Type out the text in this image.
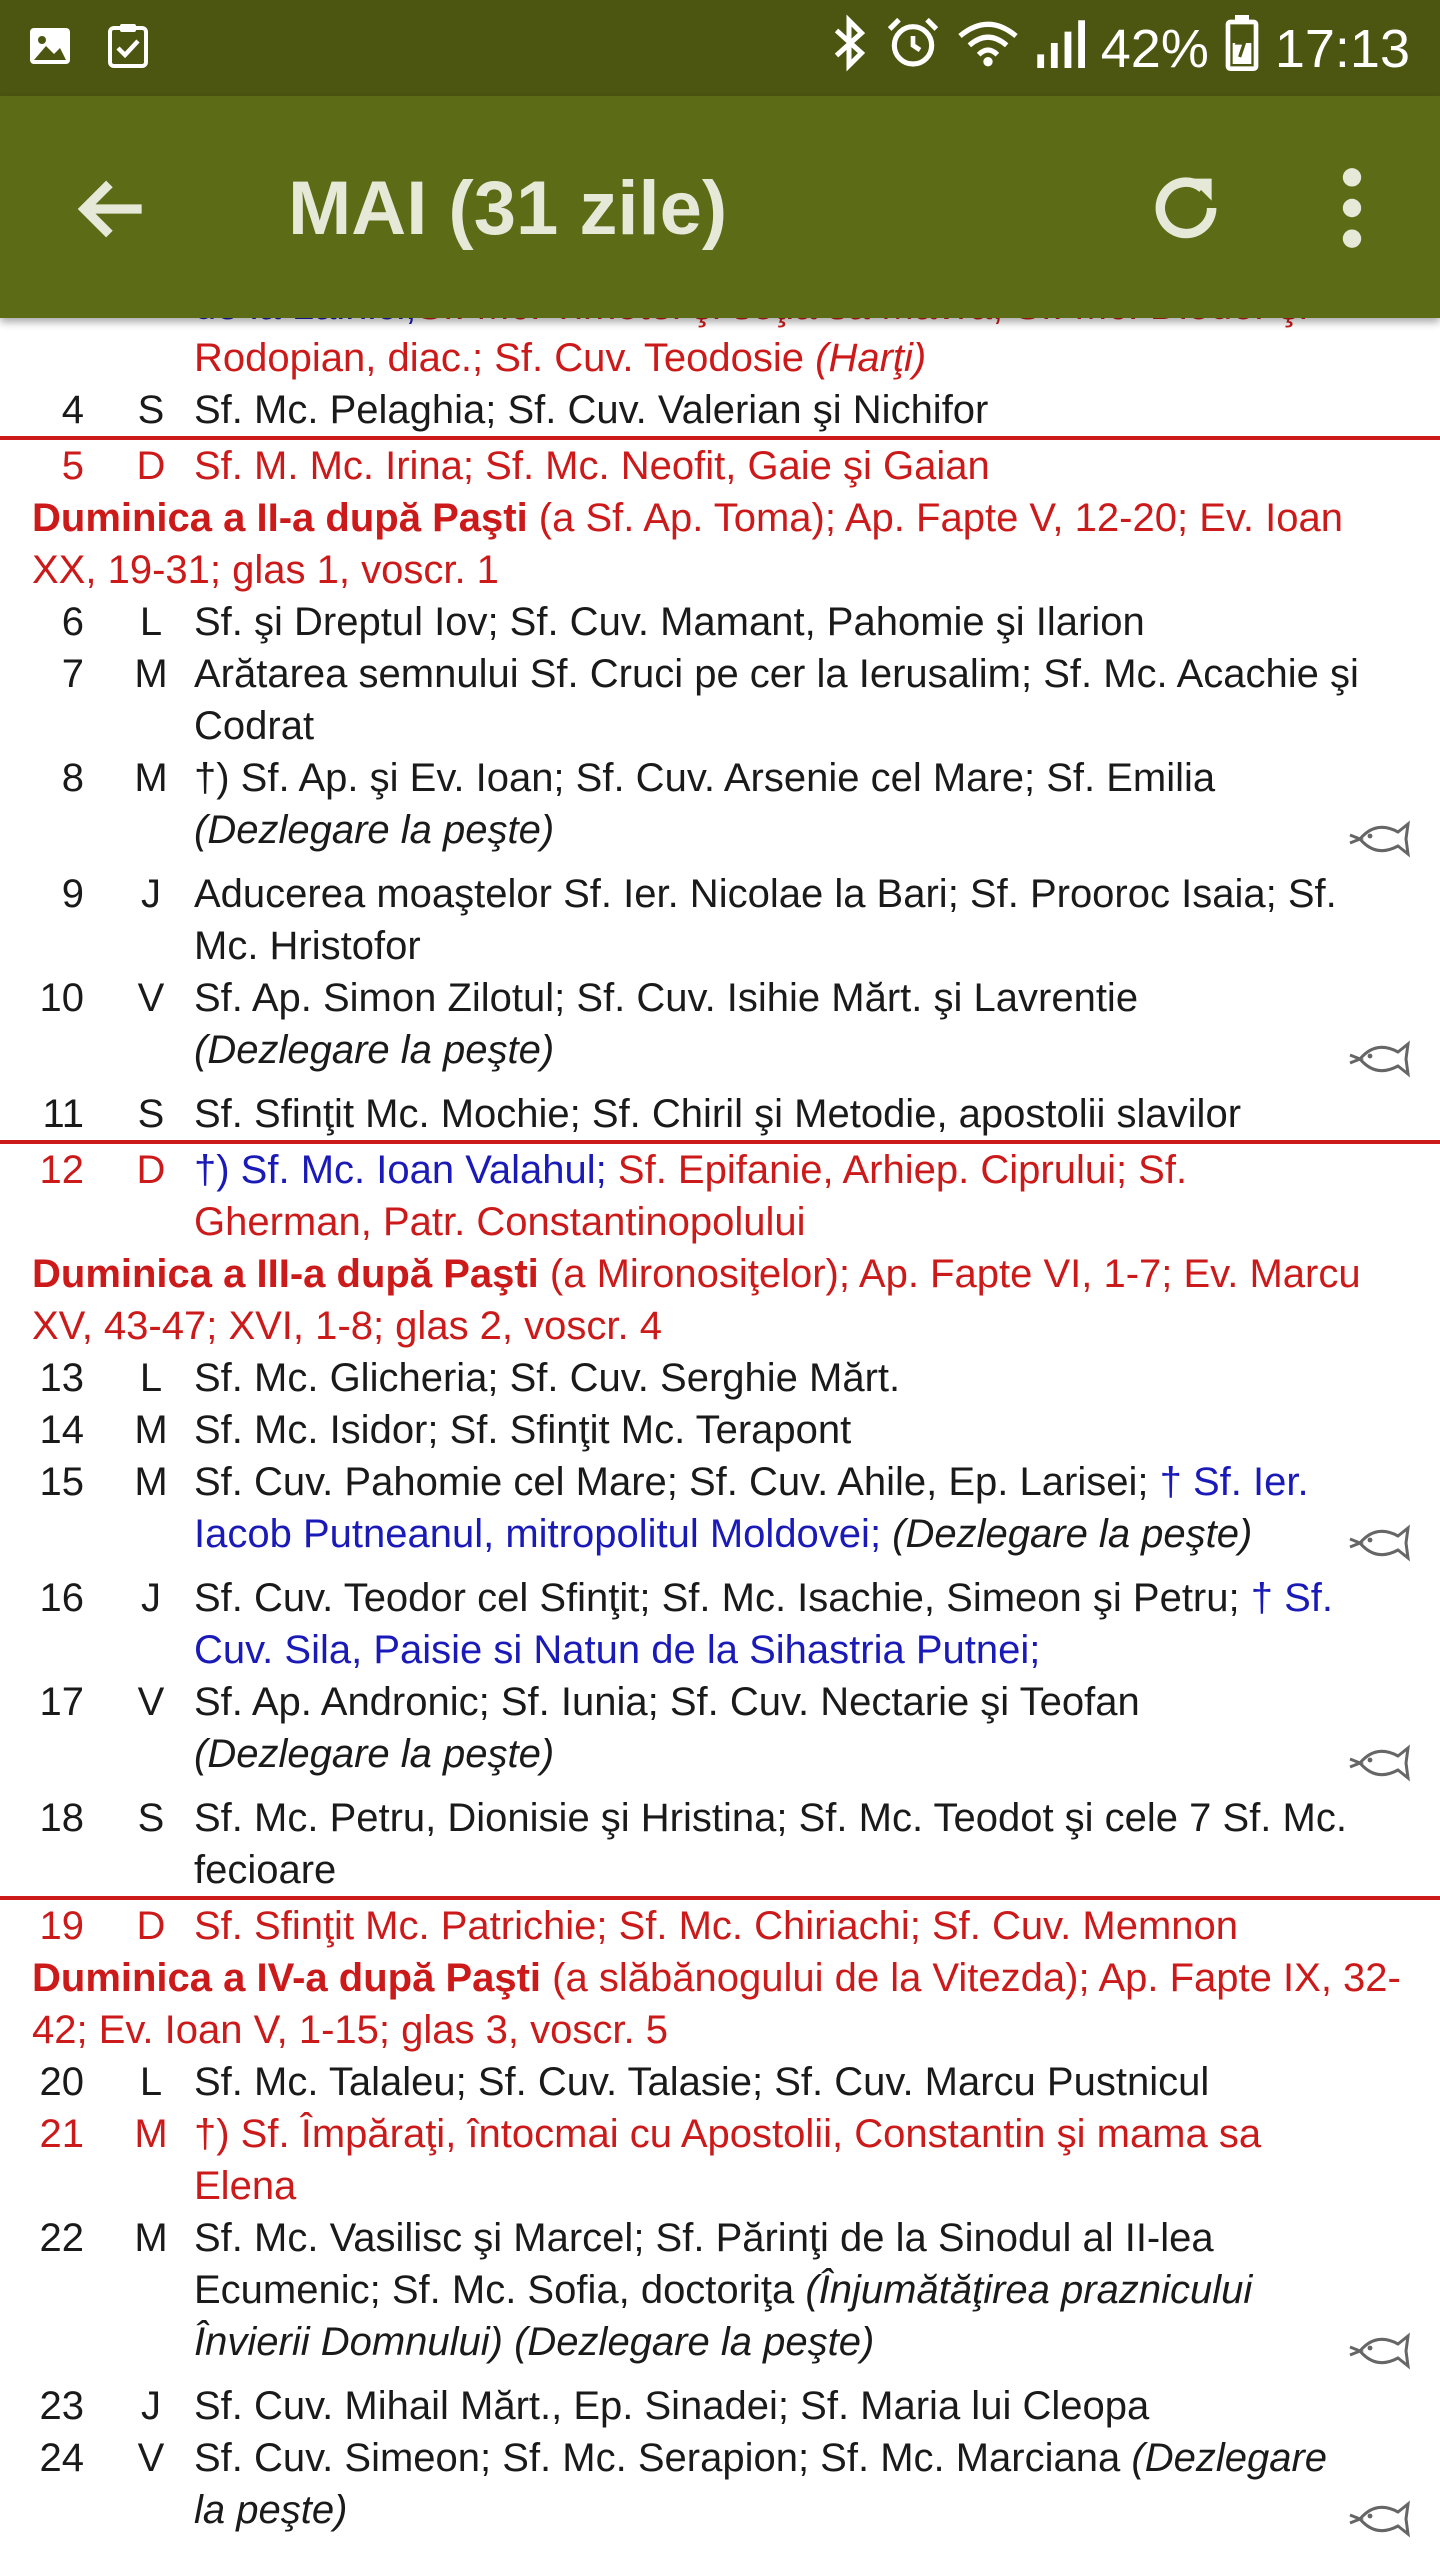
42% 17:13
MAI (31 zile)

Rodopian, diac.; Sf. Cuv. Teodosie (Harţi)
4	S Sf. Mc. Pelaghia; Sf. Cuv. Valerian şi Nichifor
5	D Sf. M. Mc. Irina; Sf. Mc. Neofit, Gaie şi Gaian
Duminica a II-a după Paşti (a Sf. Ap. Toma); Ap. Fapte V, 12-20; Ev. Ioan XX, 19-31; glas 1, voscr. 1
6	L Sf. şi Dreptul Iov; Sf. Cuv. Mamant, Pahomie şi Ilarion
7	M Arătarea semnului Sf. Cruci pe cer la Ierusalim; Sf. Mc. Acachie şi Codrat
8	M †) Sf. Ap. şi Ev. Ioan; Sf. Cuv. Arsenie cel Mare; Sf. Emilia
(Dezlegare la peşte)
9	J Aducerea moaştelor Sf. Ier. Nicolae la Bari; Sf. Prooroc Isaia; Sf. Mc. Hristofor
10	V Sf. Ap. Simon Zilotul; Sf. Cuv. Isihie Mărt. şi Lavrentie
(Dezlegare la peşte)
11	S Sf. Sfinţit Mc. Mochie; Sf. Chiril şi Metodie, apostolii slavilor
12	D †) Sf. Mc. Ioan Valahul; Sf. Epifanie, Arhiep. Ciprului; Sf. Gherman, Patr. Constantinopolului
Duminica a III-a după Paşti (a Mironosiţelor); Ap. Fapte VI, 1-7; Ev. Marcu XV, 43-47; XVI, 1-8; glas 2, voscr. 4
13	L Sf. Mc. Glicheria; Sf. Cuv. Serghie Mărt.
14	M Sf. Mc. Isidor; Sf. Sfinţit Mc. Terapont
15	M Sf. Cuv. Pahomie cel Mare; Sf. Cuv. Ahile, Ep. Larisei; † Sf. Ier. Iacob Putneanul, mitropolitul Moldovei; (Dezlegare la peşte)
16	J Sf. Cuv. Teodor cel Sfinţit; Sf. Mc. Isachie, Simeon şi Petru; † Sf. Cuv. Sila, Paisie si Natun de la Sihastria Putnei;
17	V Sf. Ap. Andronic; Sf. Iunia; Sf. Cuv. Nectarie şi Teofan
(Dezlegare la peşte)
18	S Sf. Mc. Petru, Dionisie şi Hristina; Sf. Mc. Teodot şi cele 7 Sf. Mc. fecioare
19	D Sf. Sfinţit Mc. Patrichie; Sf. Mc. Chiriachi; Sf. Cuv. Memnon
Duminica a IV-a după Paşti (a slăbănogului de la Vitezda); Ap. Fapte IX, 32-42; Ev. Ioan V, 1-15; glas 3, voscr. 5
20	L Sf. Mc. Talaleu; Sf. Cuv. Talasie; Sf. Cuv. Marcu Pustnicul
21	M †) Sf. Împăraţi, întocmai cu Apostolii, Constantin şi mama sa Elena
22	M Sf. Mc. Vasilisc şi Marcel; Sf. Părinţi de la Sinodul al II-lea Ecumenic; Sf. Mc. Sofia, doctoriţa (Înjumătăţirea praznicului Învierii Domnului) (Dezlegare la peşte)
23	J Sf. Cuv. Mihail Mărt., Ep. Sinadei; Sf. Maria lui Cleopa
24	V Sf. Cuv. Simeon; Sf. Mc. Serapion; Sf. Mc. Marciana (Dezlegare la peşte)
